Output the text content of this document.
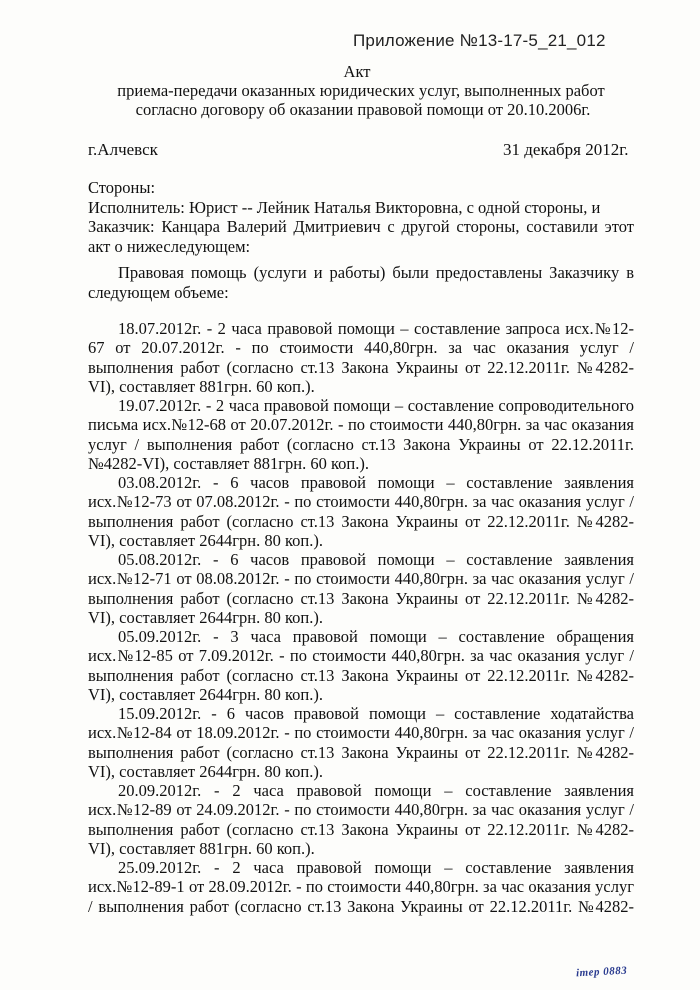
Приложение №13-17-5_21_012
Акт
приема-передачи оказанных юридических услуг, выполненных работ
согласно договору об оказании правовой помощи от 20.10.2006г.
г.Алчевск	31 декабря 2012г.
Стороны:
Исполнитель: Юрист -- Лейник Наталья Викторовна, с одной стороны, и
Заказчик: Канцара Валерий Дмитриевич с другой стороны, составили этот
акт о нижеследующем:
Правовая помощь (услуги и работы) были предоставлены Заказчику в
следующем объеме:
18.07.2012г. - 2 часа правовой помощи – составление запроса исх.№12-
67 от 20.07.2012г. - по стоимости 440,80грн. за час оказания услуг /
выполнения работ (согласно ст.13 Закона Украины от 22.12.2011г. №4282-
VI), составляет 881грн. 60 коп.).
19.07.2012г. - 2 часа правовой помощи – составление сопроводительного
письма исх.№12-68 от 20.07.2012г. - по стоимости 440,80грн. за час оказания
услуг / выполнения работ (согласно ст.13 Закона Украины от 22.12.2011г.
№4282-VI), составляет 881грн. 60 коп.).
03.08.2012г. - 6 часов правовой помощи – составление заявления
исх.№12-73 от 07.08.2012г. - по стоимости 440,80грн. за час оказания услуг /
выполнения работ (согласно ст.13 Закона Украины от 22.12.2011г. №4282-
VI), составляет 2644грн. 80 коп.).
05.08.2012г. - 6 часов правовой помощи – составление заявления
исх.№12-71 от 08.08.2012г. - по стоимости 440,80грн. за час оказания услуг /
выполнения работ (согласно ст.13 Закона Украины от 22.12.2011г. №4282-
VI), составляет 2644грн. 80 коп.).
05.09.2012г. - 3 часа правовой помощи – составление обращения
исх.№12-85 от 7.09.2012г. - по стоимости 440,80грн. за час оказания услуг /
выполнения работ (согласно ст.13 Закона Украины от 22.12.2011г. №4282-
VI), составляет 2644грн. 80 коп.).
15.09.2012г. - 6 часов правовой помощи – составление ходатайства
исх.№12-84 от 18.09.2012г. - по стоимости 440,80грн. за час оказания услуг /
выполнения работ (согласно ст.13 Закона Украины от 22.12.2011г. №4282-
VI), составляет 2644грн. 80 коп.).
20.09.2012г. - 2 часа правовой помощи – составление заявления
исх.№12-89 от 24.09.2012г. - по стоимости 440,80грн. за час оказания услуг /
выполнения работ (согласно ст.13 Закона Украины от 22.12.2011г. №4282-
VI), составляет 881грн. 60 коп.).
25.09.2012г. - 2 часа правовой помощи – составление заявления
исх.№12-89-1 от 28.09.2012г. - по стоимости 440,80грн. за час оказания услуг
/ выполнения работ (согласно ст.13 Закона Украины от 22.12.2011г. №4282-
imep 0883
